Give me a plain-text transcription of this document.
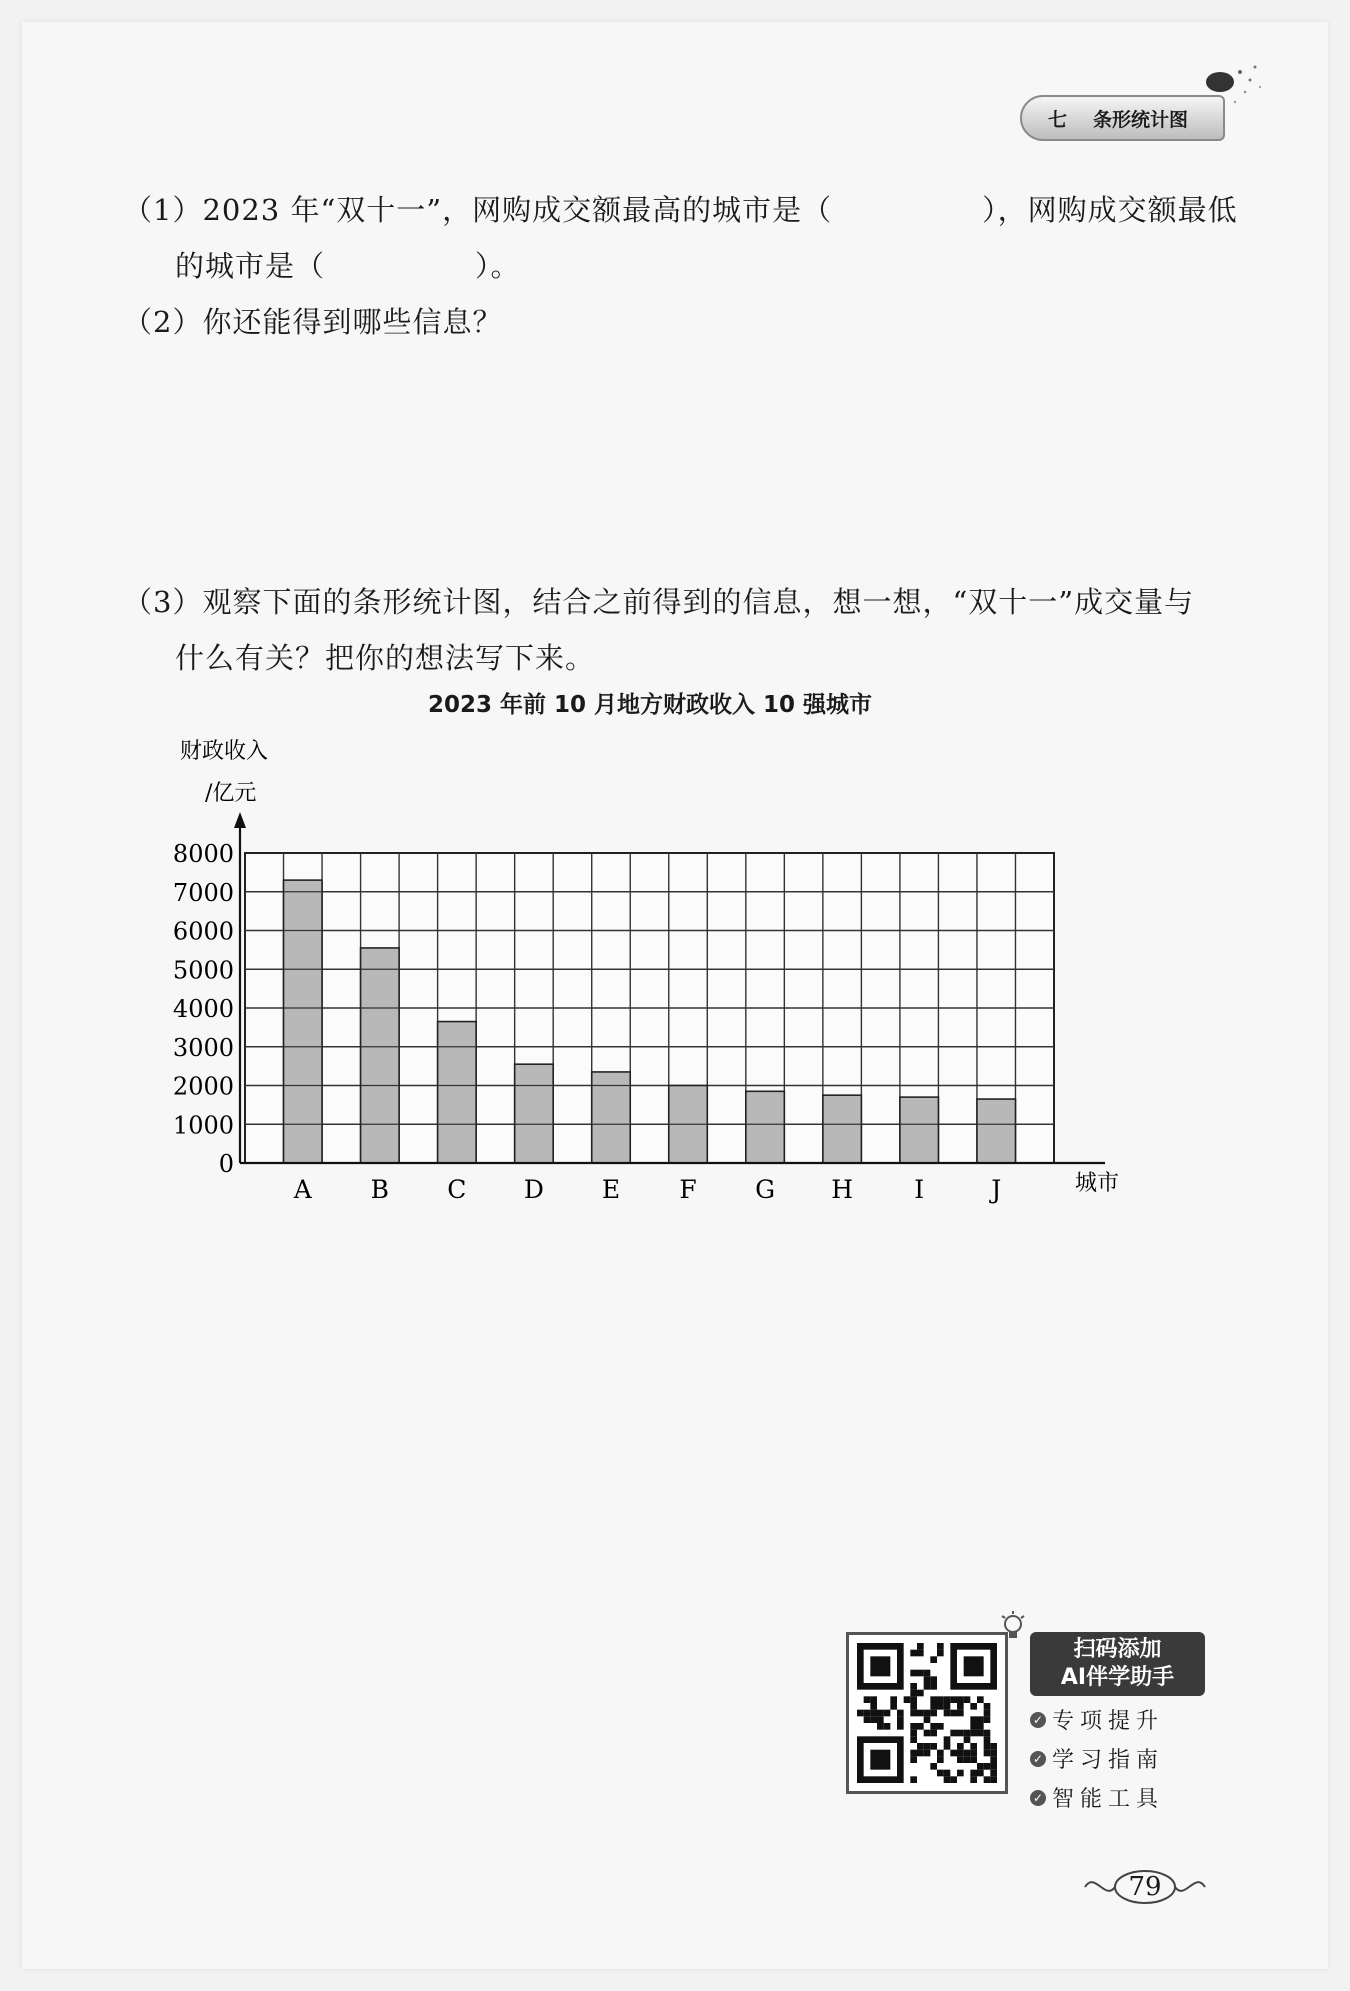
七 条形统计图
（1）2023 年“双十一”，网购成交额最高的城市是（	），网购成交额最低
的城市是（	）。
（2）你还能得到哪些信息？
（3）观察下面的条形统计图，结合之前得到的信息，想一想，“双十一”成交量与
什么有关？把你的想法写下来。
2023 年前 10 月地方财政收入 10 强城市
A B C D E F G H I	J
0
1000
2000
3000
4000
5000
6000
7000
8000
财政收入
/亿元
城市
扫码添加
AI伴学助手
✓ 专项提升
✓ 学习指南
✓ 智能工具
79
